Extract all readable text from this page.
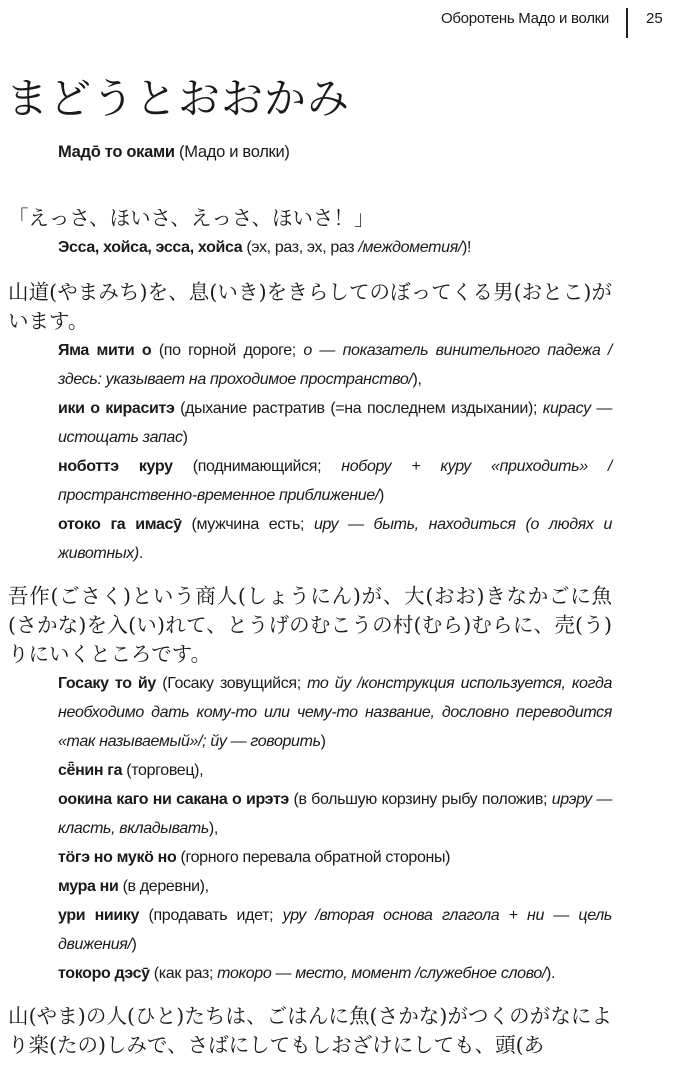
Оборотень Мадо и волки 25
まどうとおおかみ
Мадо̄ то оками (Мадо и волки)

「えっさ、ほいさ、えっさ、ほいさ！」

Эсса, хойса, эсса, хойса (эх, раз, эх, раз /междометия/)!

山道(やまみち)を、息(いき)をきらしてのぼってくる男(おとこ)がいます。

Яма мити о (по горной дороге; о — показатель винительного падежа /здесь: указывает на проходимое пространство/),
ики о кираситэ (дыхание растратив (=на последнем издыхании); кирасу — истощать запас)
ноботтэ куру (поднимающийся; нобору + куру «приходить» /пространственно-временное приближение/)
отоко га имасӯ (мужчина есть; иру — быть, находиться (о людях и животных).

吾作(ごさく)という商人(しょうにん)が、大(おお)きなかごに魚(さかな)を入(い)れて、とうげのむこうの村(むら)むらに、売(う)りにいくところです。

Госаку то йу (Госаку зовущийся; то йу /конструкция используется, когда необходимо дать кому-то или чему-то название, дословно переводится «так называемый»/; йу — говорить)
сё̄нин га (торговец),
оокина каго ни сакана о ирэтэ (в большую корзину рыбу положив; ирэру — класть, вкладывать),
тӧгэ но мукӧ но (горного перевала обратной стороны)
мура ни (в деревни),
ури ниику (продавать идет; уру /вторая основа глагола + ни — цель движения/)
токоро дэсӯ (как раз; токоро — место, момент /служебное слово/).

山(やま)の人(ひと)たちは、ごはんに魚(さかな)がつくのがなにより楽(たの)しみで、さばにしてもしおざけにしても、頭(あ
